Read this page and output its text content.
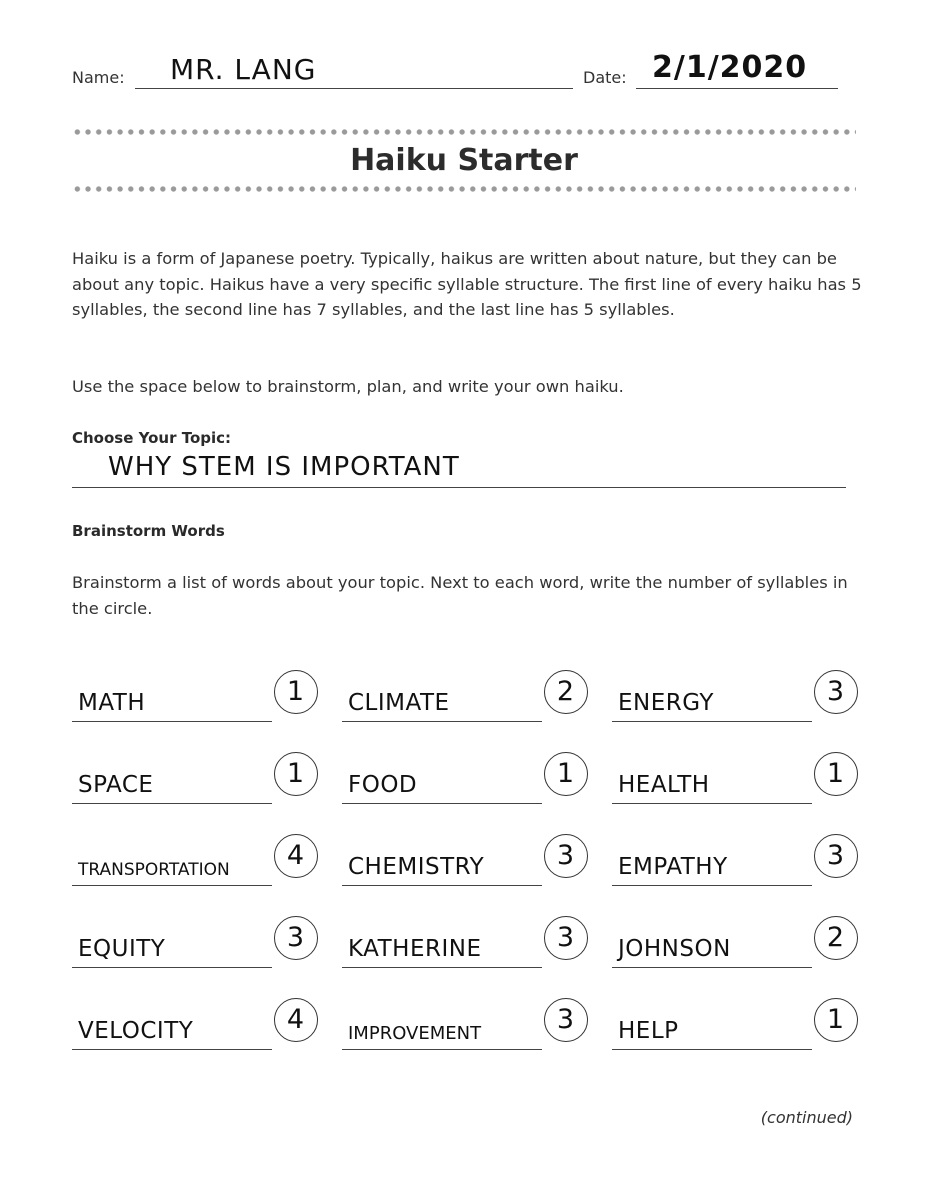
Name: MR. LANG	Date: 2/1/2020
Haiku Starter

Haiku is a form of Japanese poetry. Typically, haikus are written about nature, but they can be about any topic. Haikus have a very specific syllable structure. The first line of every haiku has 5 syllables, the second line has 7 syllables, and the last line has 5 syllables.

Use the space below to brainstorm, plan, and write your own haiku.

Choose Your Topic:
WHY STEM IS IMPORTANT
Brainstorm Words

Brainstorm a list of words about your topic. Next to each word, write the number of syllables in the circle.

MATH	1	CLIMATE	2	ENERGY	3
SPACE	1	FOOD	1	HEALTH	1
TRANSPORTATION	4	CHEMISTRY	3	EMPATHY	3
EQUITY	3	KATHERINE	3	JOHNSON	2
VELOCITY	4	IMPROVEMENT	3	HELP	1
(continued)
